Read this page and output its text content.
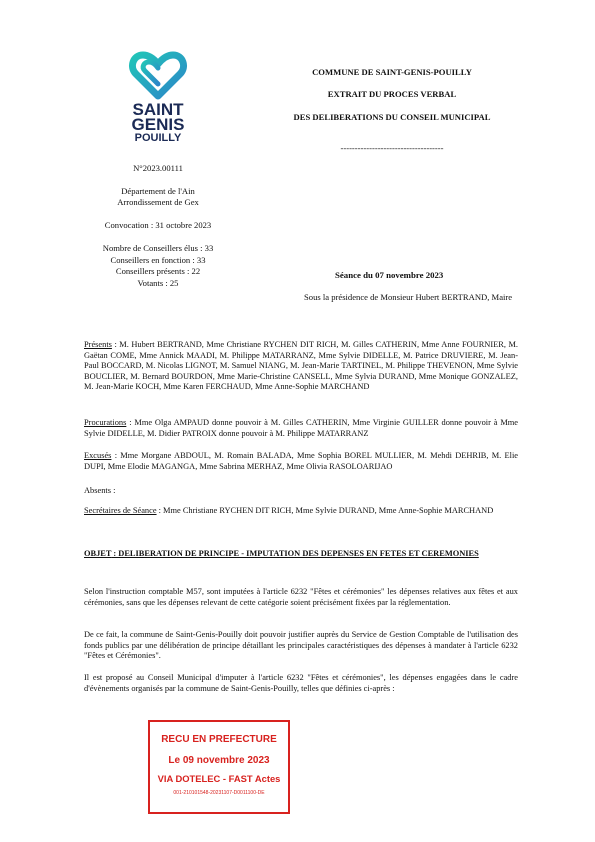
SAINT
GENIS
POUILLY
COMMUNE DE SAINT-GENIS-POUILLY
EXTRAIT DU PROCES VERBAL
DES DELIBERATIONS DU CONSEIL MUNICIPAL
------------------------------------
N°2023.00111
Département de l'Ain
Arrondissement de Gex
Convocation : 31 octobre 2023
Nombre de Conseillers élus : 33
Conseillers en fonction : 33
Conseillers présents : 22
Votants : 25
Séance du 07 novembre 2023
Sous la présidence de Monsieur Hubert BERTRAND, Maire
Présents : M. Hubert BERTRAND, Mme Christiane RYCHEN DIT RICH, M. Gilles CATHERIN, Mme Anne FOURNIER, M. Gaëtan COME, Mme Annick MAADI, M. Philippe MATARRANZ, Mme Sylvie DIDELLE, M. Patrice DRUVIERE, M. Jean-Paul BOCCARD, M. Nicolas LIGNOT, M. Samuel NIANG, M. Jean-Marie TARTINEL, M. Philippe THEVENON, Mme Sylvie BOUCLIER, M. Bernard BOURDON, Mme Marie-Christine CANSELL, Mme Sylvia DURAND, Mme Monique GONZALEZ, M. Jean-Marie KOCH, Mme Karen FERCHAUD, Mme Anne-Sophie MARCHAND
Procurations : Mme Olga AMPAUD donne pouvoir à M. Gilles CATHERIN, Mme Virginie GUILLER donne pouvoir à Mme Sylvie DIDELLE, M. Didier PATROIX donne pouvoir à M. Philippe MATARRANZ
Excusés : Mme Morgane ABDOUL, M. Romain BALADA, Mme Sophia BOREL MULLIER, M. Mehdi DEHRIB, M. Elie DUPI, Mme Elodie MAGANGA, Mme Sabrina MERHAZ, Mme Olivia RASOLOARIJAO
Absents :
Secrétaires de Séance : Mme Christiane RYCHEN DIT RICH, Mme Sylvie DURAND, Mme Anne-Sophie MARCHAND
OBJET : DELIBERATION DE PRINCIPE - IMPUTATION DES DEPENSES EN FETES ET CEREMONIES
Selon l'instruction comptable M57, sont imputées à l'article 6232 "Fêtes et cérémonies" les dépenses relatives aux fêtes et aux cérémonies, sans que les dépenses relevant de cette catégorie soient précisément fixées par la réglementation.
De ce fait, la commune de Saint-Genis-Pouilly doit pouvoir justifier auprès du Service de Gestion Comptable de l'utilisation des fonds publics par une délibération de principe détaillant les principales caractéristiques des dépenses à mandater à l'article 6232 "Fêtes et Cérémonies".
Il est proposé au Conseil Municipal d'imputer à l'article 6232 "Fêtes et cérémonies", les dépenses engagées dans le cadre d'évènements organisés par la commune de Saint-Genis-Pouilly, telles que définies ci-après :
RECU EN PREFECTURE
Le 09 novembre 2023
VIA DOTELEC - FAST Actes
001-210101548-20231107-D0011100-DE
